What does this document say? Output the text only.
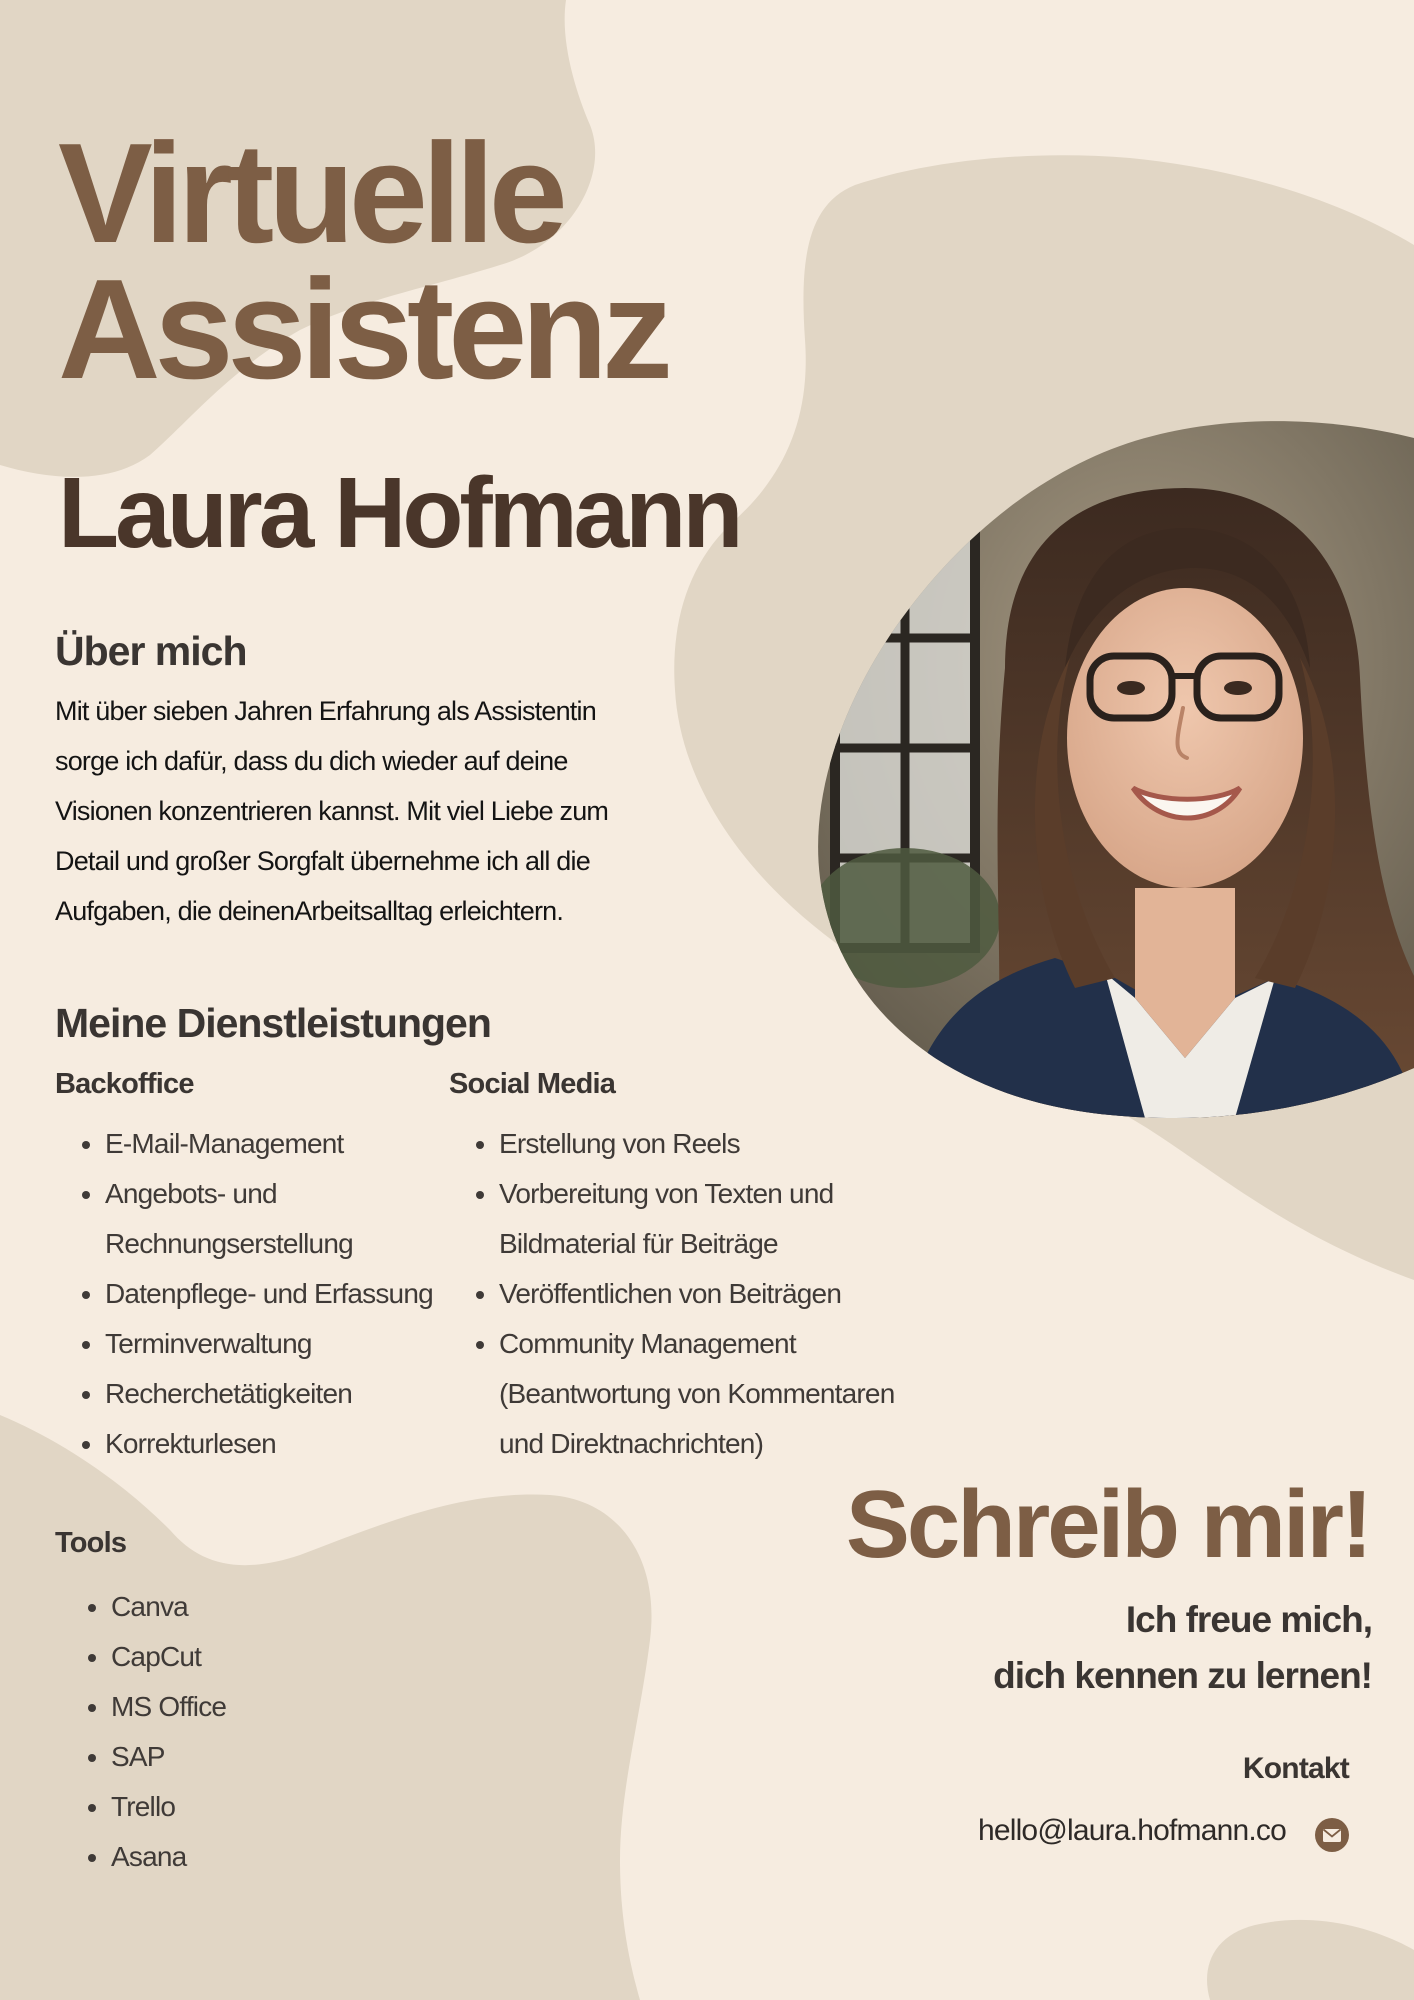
Virtuelle
Assistenz
Laura Hofmann
Über mich

Mit über sieben Jahren Erfahrung als Assistentin sorge ich dafür, dass du dich wieder auf deine Visionen konzentrieren kannst. Mit viel Liebe zum Detail und großer Sorgfalt übernehme ich all die Aufgaben, die deinenArbeitsalltag erleichtern.

Meine Dienstleistungen
Backoffice
• E-Mail-Management
• Angebots- und Rechnungserstellung
• Datenpflege- und Erfassung
• Terminverwaltung
• Recherchetätigkeiten
• Korrekturlesen
Social Media
• Erstellung von Reels
• Vorbereitung von Texten und Bildmaterial für Beiträge
• Veröffentlichen von Beiträgen
• Community Management (Beantwortung von Kommentaren und Direktnachrichten)
Tools
• Canva
• CapCut
• MS Office
• SAP
• Trello
• Asana
Schreib mir!

Ich freue mich,
dich kennen zu lernen!

Kontakt

hello@laura.hofmann.co
